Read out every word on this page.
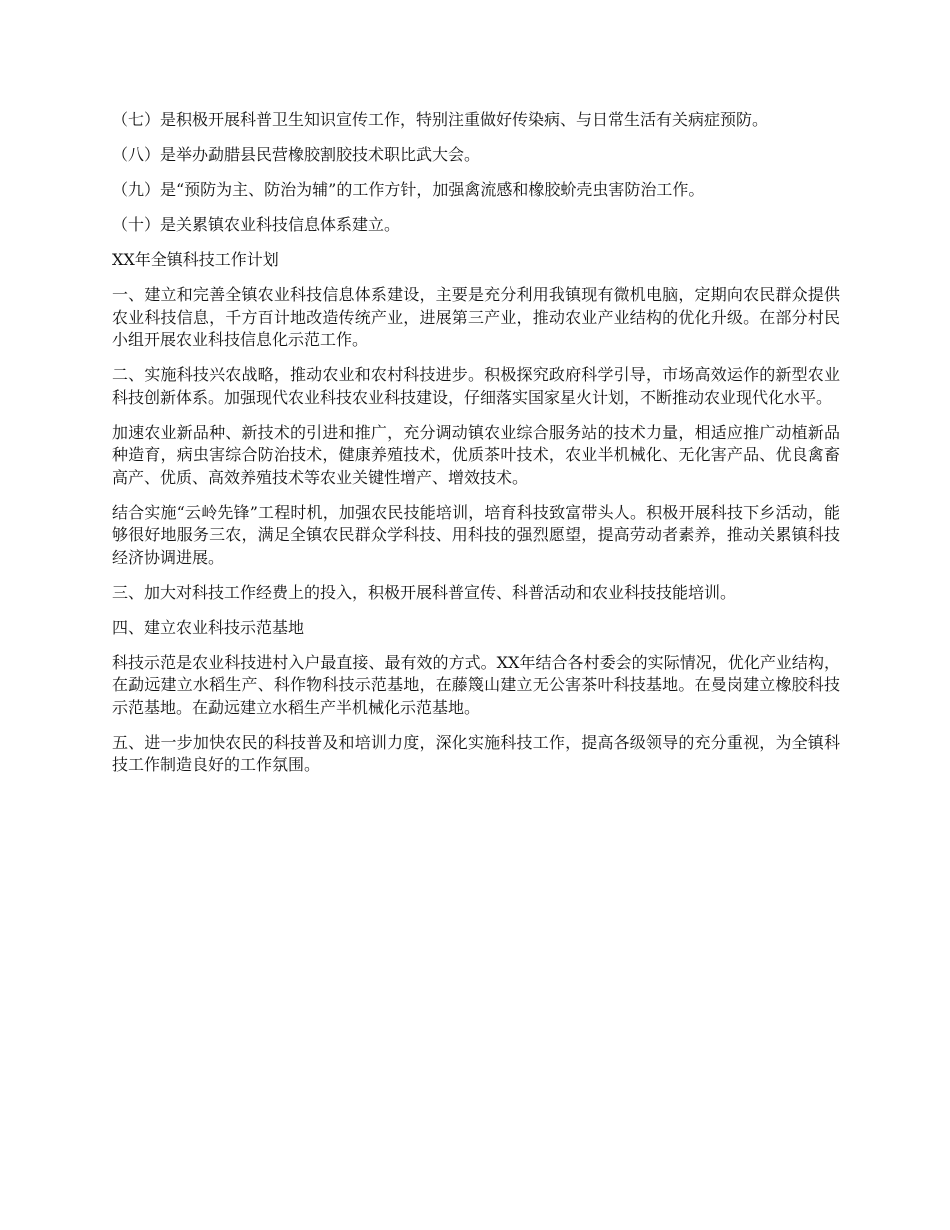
（七）是积极开展科普卫生知识宣传工作，特别注重做好传染病、与日常生活有关病症预防。

（八）是举办勐腊县民营橡胶割胶技术职比武大会。

（九）是“预防为主、防治为辅”的工作方针，加强禽流感和橡胶蚧壳虫害防治工作。

（十）是关累镇农业科技信息体系建立。

XX年全镇科技工作计划

一、建立和完善全镇农业科技信息体系建设，主要是充分利用我镇现有微机电脑，定期向农民群众提供农业科技信息，千方百计地改造传统产业，进展第三产业，推动农业产业结构的优化升级。在部分村民小组开展农业科技信息化示范工作。

二、实施科技兴农战略，推动农业和农村科技进步。积极探究政府科学引导，市场高效运作的新型农业科技创新体系。加强现代农业科技农业科技建设，仔细落实国家星火计划，不断推动农业现代化水平。

加速农业新品种、新技术的引进和推广，充分调动镇农业综合服务站的技术力量，相适应推广动植新品种造育，病虫害综合防治技术，健康养殖技术，优质茶叶技术，农业半机械化、无化害产品、优良禽畜高产、优质、高效养殖技术等农业关键性增产、增效技术。

结合实施“云岭先锋”工程时机，加强农民技能培训，培育科技致富带头人。积极开展科技下乡活动，能够很好地服务三农，满足全镇农民群众学科技、用科技的强烈愿望，提高劳动者素养，推动关累镇科技经济协调进展。

三、加大对科技工作经费上的投入，积极开展科普宣传、科普活动和农业科技技能培训。

四、建立农业科技示范基地

科技示范是农业科技进村入户最直接、最有效的方式。XX年结合各村委会的实际情况，优化产业结构，在勐远建立水稻生产、科作物科技示范基地，在藤篾山建立无公害茶叶科技基地。在曼岗建立橡胶科技示范基地。在勐远建立水稻生产半机械化示范基地。

五、进一步加快农民的科技普及和培训力度，深化实施科技工作，提高各级领导的充分重视，为全镇科技工作制造良好的工作氛围。
